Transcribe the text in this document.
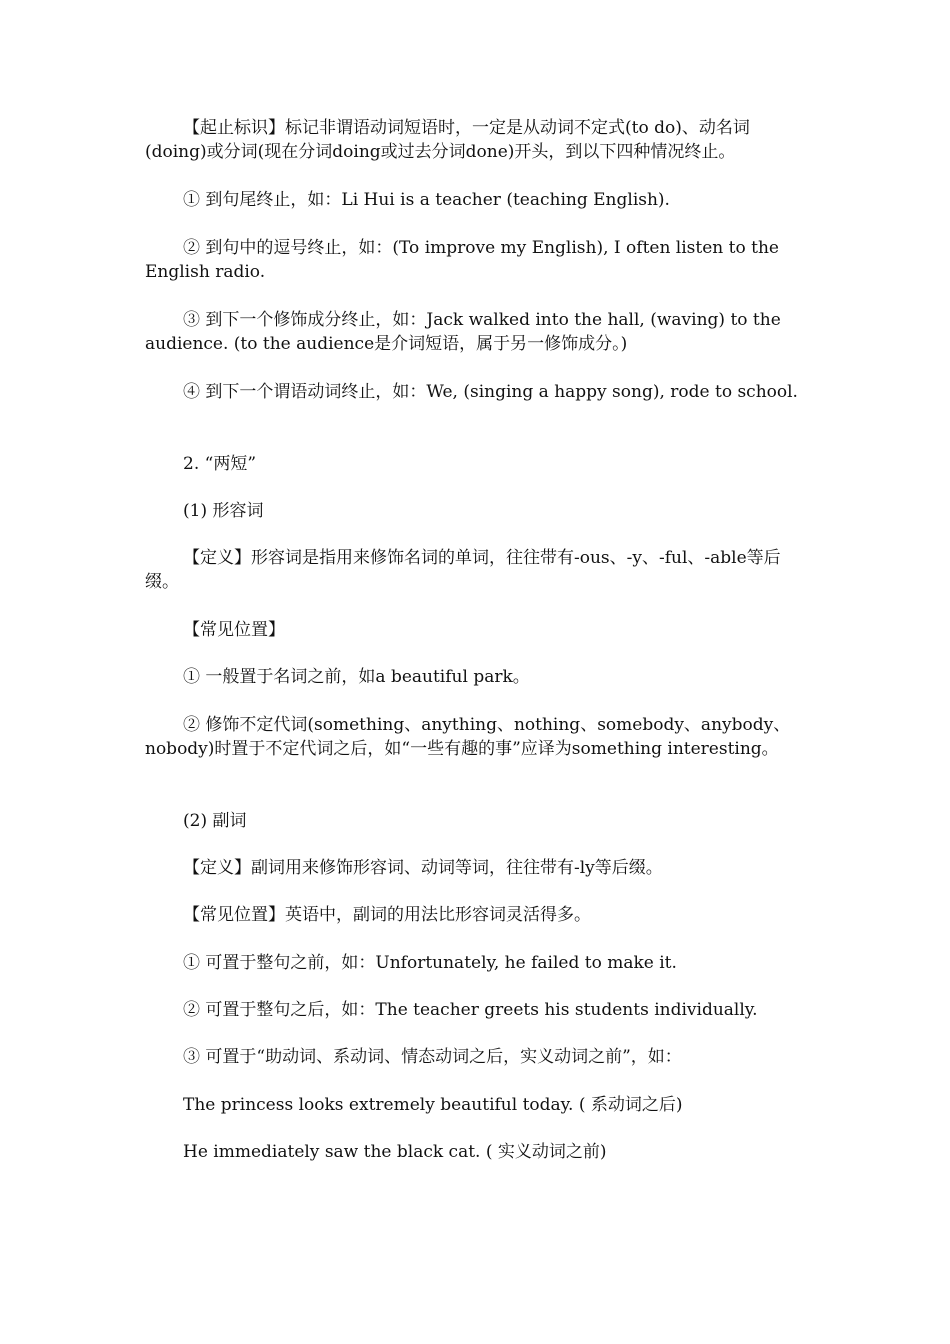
【起止标识】标记非谓语动词短语时，一定是从动词不定式(to do)、动名词(doing)或分词(现在分词doing或过去分词done)开头，到以下四种情况终止。

① 到句尾终止，如：Li Hui is a teacher (teaching English).

② 到句中的逗号终止，如：(To improve my English), I often listen to the English radio.

③ 到下一个修饰成分终止，如：Jack walked into the hall, (waving) to the audience. (to the audience是介词短语，属于另一修饰成分。)

④ 到下一个谓语动词终止，如：We, (singing a happy song), rode to school.

2. “两短”

(1) 形容词

【定义】形容词是指用来修饰名词的单词，往往带有-ous、-y、-ful、-able等后缀。

【常见位置】

① 一般置于名词之前，如a beautiful park。

② 修饰不定代词(something、anything、nothing、somebody、anybody、nobody)时置于不定代词之后，如“一些有趣的事”应译为something interesting。

(2) 副词

【定义】副词用来修饰形容词、动词等词，往往带有-ly等后缀。

【常见位置】英语中，副词的用法比形容词灵活得多。

① 可置于整句之前，如：Unfortunately, he failed to make it.

② 可置于整句之后，如：The teacher greets his students individually.

③ 可置于“助动词、系动词、情态动词之后，实义动词之前”，如：

The princess looks extremely beautiful today. ( 系动词之后)

He immediately saw the black cat. ( 实义动词之前)
